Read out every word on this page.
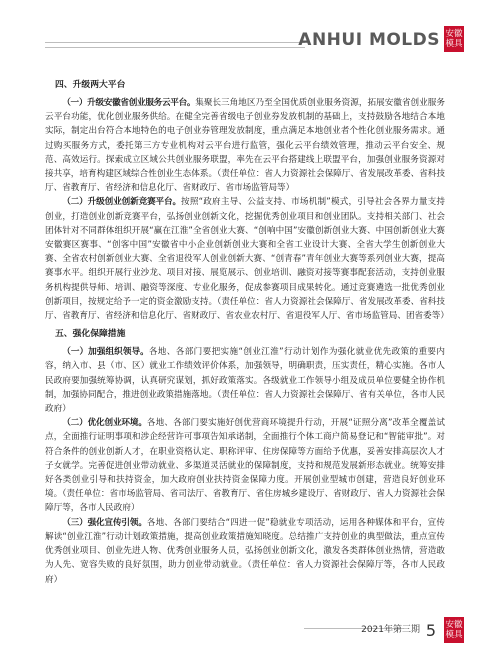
ANHUI MOLDS 安徽
模具
四、升级两大平台

（一）升级安徽省创业服务云平台。集聚长三角地区乃至全国优质创业服务资源，拓展安徽省创业服务云平台功能，优化创业服务供给。在健全完善省级电子创业券发放机制的基础上，支持鼓励各地结合本地实际，制定出台符合本地特色的电子创业券管理发放制度，重点满足本地创业者个性化创业服务需求。通过购买服务方式，委托第三方专业机构对云平台进行监管，强化云平台绩效管理，推动云平台安全、规范、高效运行。探索成立区域公共创业服务联盟，率先在云平台搭建线上联盟平台，加强创业服务资源对接共享，培育构建区域综合性创业生态体系。（责任单位：省人力资源社会保障厅、省发展改革委、省科技厅、省教育厅、省经济和信息化厅、省财政厅、省市场监管局等）

（二）升级创业创新竞赛平台。按照“政府主导、公益支持、市场机制”模式，引导社会各界力量支持创业，打造创业创新竞赛平台，弘扬创业创新文化，挖掘优秀创业项目和创业团队。支持相关部门、社会团体针对不同群体组织开展“赢在江淮”全省创业大赛、“创响中国”安徽创新创业大赛、中国创新创业大赛安徽赛区赛事、“创客中国”安徽省中小企业创新创业大赛和全省工业设计大赛、全省大学生创新创业大赛、全省农村创新创业大赛、全省退役军人创业创新大赛、“创青春”青年创业大赛等系列创业大赛，提高赛事水平。组织开展行业沙龙、项目对接、展览展示、创业培训、融资对接等赛事配套活动，支持创业服务机构提供导师、培训、融资等深度、专业化服务，促成参赛项目成果转化。通过竞赛遴选一批优秀创业创新项目，按规定给予一定的资金激励支持。（责任单位：省人力资源社会保障厅、省发展改革委、省科技厅、省教育厅、省经济和信息化厅、省财政厅、省农业农村厅、省退役军人厅、省市场监管局、团省委等）

五、强化保障措施

（一）加强组织领导。各地、各部门要把实施“创业江淮”行动计划作为强化就业优先政策的重要内容，纳入市、县（市、区）就业工作绩效评价体系，加强领导，明确职责，压实责任，精心实施。各市人民政府要加强统筹协调，认真研究谋划，抓好政策落实。各级就业工作领导小组及成员单位要健全协作机制，加强协同配合，推进创业政策措施落地。（责任单位：省人力资源社会保障厅、省有关单位，各市人民政府）

（二）优化创业环境。各地、各部门要实施好创优营商环境提升行动，开展“证照分离”改革全覆盖试点，全面推行证明事项和涉企经营许可事项告知承诺制，全面推行个体工商户简易登记和“智能审批”。对符合条件的创业创新人才，在职业资格认定、职称评审、住房保障等方面给予优惠，妥善安排高层次人才子女就学。完善促进创业带动就业、多渠道灵活就业的保障制度，支持和规范发展新形态就业。统筹安排好各类创业引导和扶持资金，加大政府创业扶持资金保障力度。开展创业型城市创建，营造良好创业环境。（责任单位：省市场监管局、省司法厅、省教育厅、省住房城乡建设厅、省财政厅、省人力资源社会保障厅等，各市人民政府）

（三）强化宣传引领。各地、各部门要结合“四进一促”稳就业专项活动，运用各种媒体和平台，宣传解读“创业江淮”行动计划政策措施，提高创业政策措施知晓度。总结推广支持创业的典型做法，重点宣传优秀创业项目、创业先进人物、优秀创业服务人员，弘扬创业创新文化，激发各类群体创业热情，营造敢为人先、宽容失败的良好氛围，助力创业带动就业。（责任单位：省人力资源社会保障厅等，各市人民政府）

2021年第三期 5 安徽
模具
